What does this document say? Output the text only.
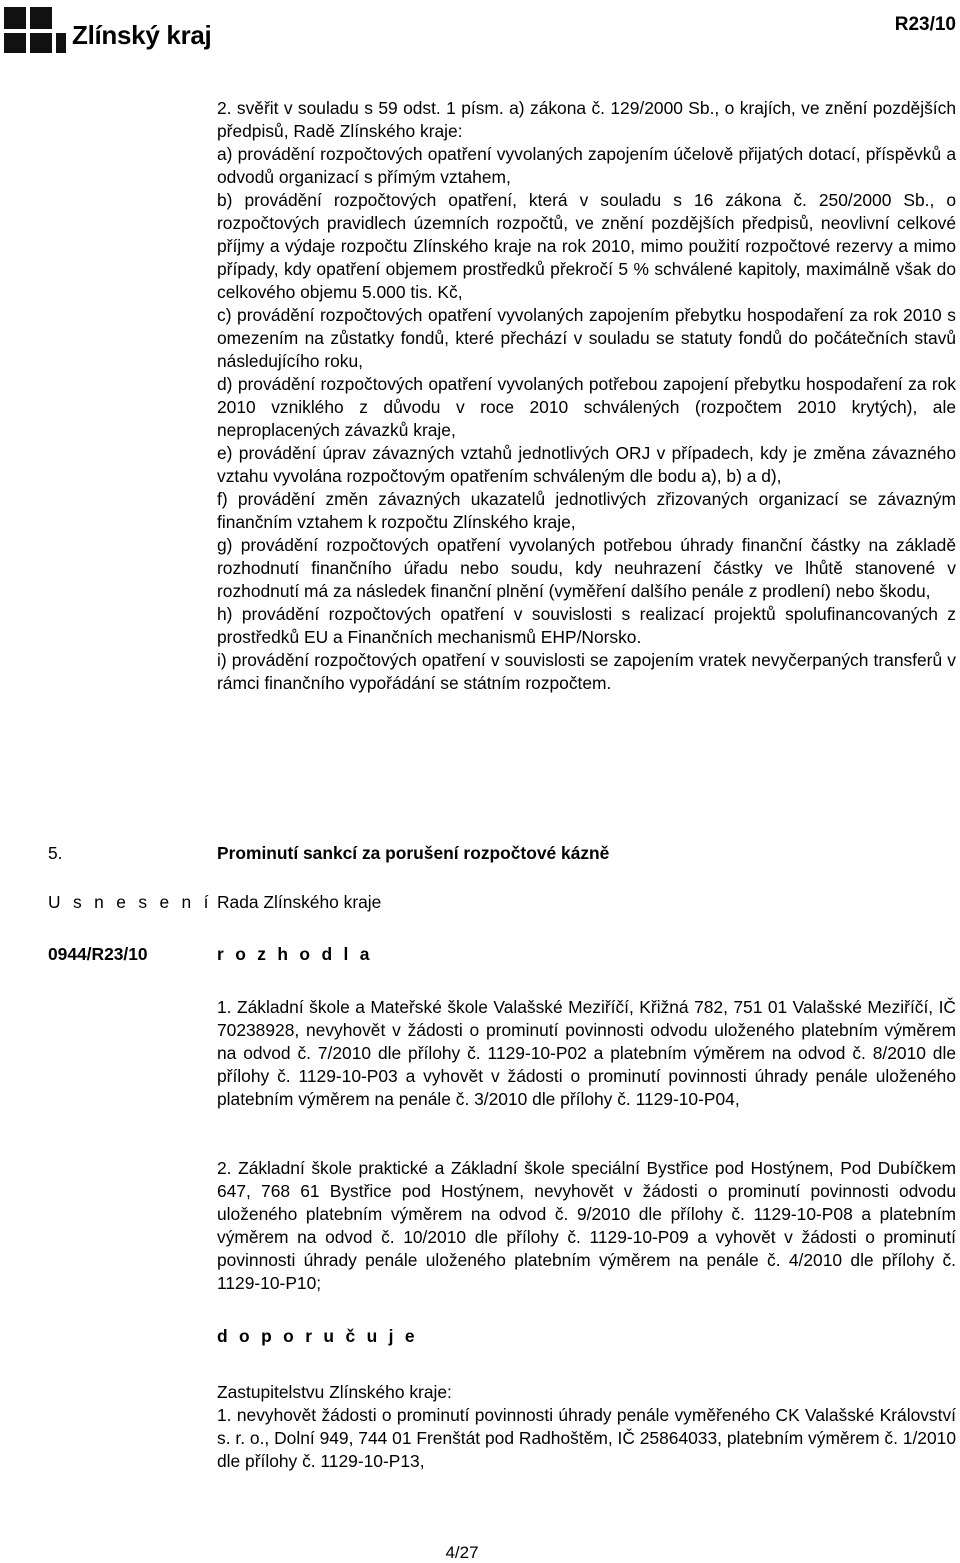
Zlínský kraj	R23/10

2. svěřit v souladu s 59 odst. 1 písm. a) zákona č. 129/2000 Sb., o krajích, ve znění pozdějších předpisů, Radě Zlínského kraje:

a) provádění rozpočtových opatření vyvolaných zapojením účelově přijatých dotací, příspěvků a odvodů organizací s přímým vztahem,

b) provádění rozpočtových opatření, která v souladu s 16 zákona č. 250/2000 Sb., o rozpočtových pravidlech územních rozpočtů, ve znění pozdějších předpisů, neovlivní celkové příjmy a výdaje rozpočtu Zlínského kraje na rok 2010, mimo použití rozpočtové rezervy a mimo případy, kdy opatření objemem prostředků překročí 5 % schválené kapitoly, maximálně však do celkového objemu 5.000 tis. Kč,

c) provádění rozpočtových opatření vyvolaných zapojením přebytku hospodaření za rok 2010 s omezením na zůstatky fondů, které přechází v souladu se statuty fondů do počátečních stavů následujícího roku,

d) provádění rozpočtových opatření vyvolaných potřebou zapojení přebytku hospodaření za rok 2010 vzniklého z důvodu v roce 2010 schválených (rozpočtem 2010 krytých), ale neproplacených závazků kraje,

e) provádění úprav závazných vztahů jednotlivých ORJ v případech, kdy je změna závazného vztahu vyvolána rozpočtovým opatřením schváleným dle bodu a), b) a d),

f) provádění změn závazných ukazatelů jednotlivých zřizovaných organizací se závazným finančním vztahem k rozpočtu Zlínského kraje,

g) provádění rozpočtových opatření vyvolaných potřebou úhrady finanční částky na základě rozhodnutí finančního úřadu nebo soudu, kdy neuhrazení částky ve lhůtě stanovené v rozhodnutí má za následek finanční plnění (vyměření dalšího penále z prodlení) nebo škodu,

h) provádění rozpočtových opatření v souvislosti s realizací projektů spolufinancovaných z prostředků EU a Finančních mechanismů EHP/Norsko.

i) provádění rozpočtových opatření v souvislosti se zapojením vratek nevyčerpaných transferů v rámci finančního vypořádání se státním rozpočtem.

5.	Prominutí sankcí za porušení rozpočtové kázně
U s n e s e n í Rada Zlínského kraje
0944/R23/10	r o z h o d l a

1. Základní škole a Mateřské škole Valašské Meziříčí, Křižná 782, 751 01 Valašské Meziříčí, IČ 70238928, nevyhovět v žádosti o prominutí povinnosti odvodu uloženého platebním výměrem na odvod č. 7/2010 dle přílohy č. 1129-10-P02 a platebním výměrem na odvod č. 8/2010 dle přílohy č. 1129-10-P03 a vyhovět v žádosti o prominutí povinnosti úhrady penále uloženého platebním výměrem na penále č. 3/2010 dle přílohy č. 1129-10-P04,

2. Základní škole praktické a Základní škole speciální Bystřice pod Hostýnem, Pod Dubíčkem 647, 768 61 Bystřice pod Hostýnem, nevyhovět v žádosti o prominutí povinnosti odvodu uloženého platebním výměrem na odvod č. 9/2010 dle přílohy č. 1129-10-P08 a platebním výměrem na odvod č. 10/2010 dle přílohy č. 1129-10-P09 a vyhovět v žádosti o prominutí povinnosti úhrady penále uloženého platebním výměrem na penále č. 4/2010 dle přílohy č. 1129-10-P10;

d o p o r u č u j e
Zastupitelstvu Zlínského kraje:

1. nevyhovět žádosti o prominutí povinnosti úhrady penále vyměřeného CK Valašské Království s. r. o., Dolní 949, 744 01 Frenštát pod Radhoštěm, IČ 25864033, platebním výměrem č. 1/2010 dle přílohy č. 1129-10-P13,

4/27
